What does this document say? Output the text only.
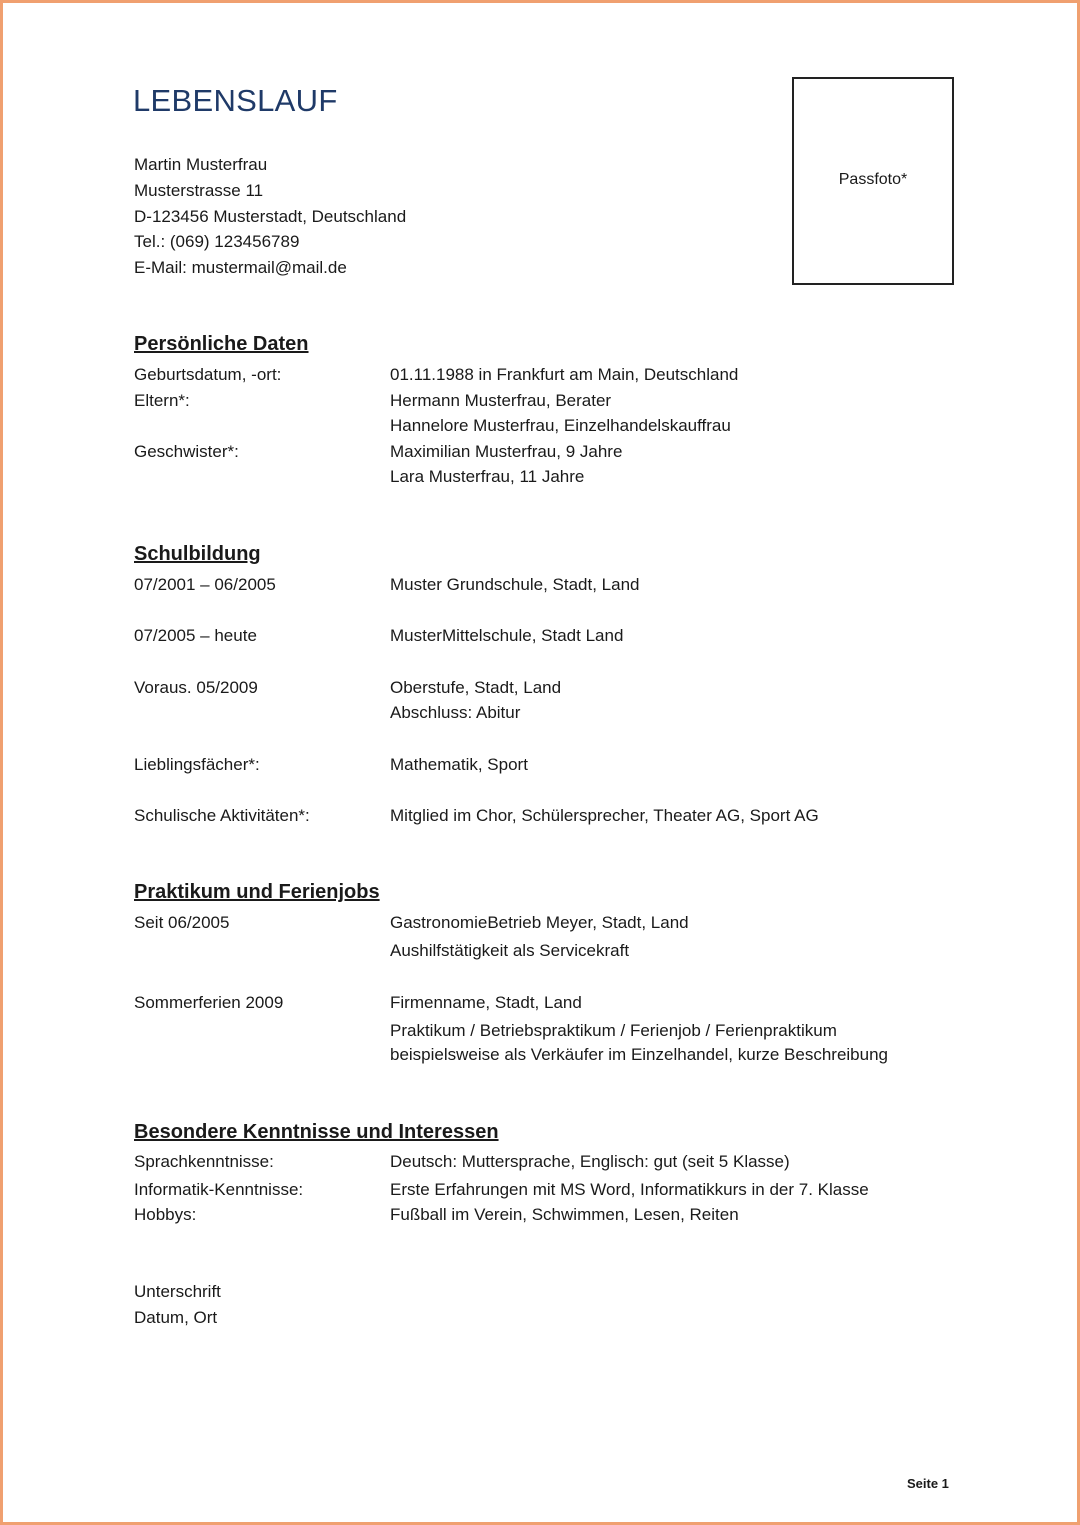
LEBENSLAUF
Martin Musterfrau
Musterstrasse 11
D-123456 Musterstadt, Deutschland
Tel.: (069) 123456789
E-Mail: mustermail@mail.de
Passfoto*
Persönliche Daten
Geburtsdatum, -ort:	01.11.1988 in Frankfurt am Main, Deutschland
Eltern*:	Hermann Musterfrau, Berater
Hannelore Musterfrau, Einzelhandelskauffrau
Geschwister*:	Maximilian Musterfrau, 9 Jahre
Lara Musterfrau, 11 Jahre
Schulbildung
07/2001 – 06/2005	Muster Grundschule, Stadt, Land
07/2005 – heute	MusterMittelschule, Stadt Land
Voraus. 05/2009	Oberstufe, Stadt, Land
Abschluss: Abitur
Lieblingsfächer*:	Mathematik, Sport
Schulische Aktivitäten*:	Mitglied im Chor, Schülersprecher, Theater AG, Sport AG
Praktikum und Ferienjobs
Seit 06/2005	GastronomieBetrieb Meyer, Stadt, Land
Aushilfstätigkeit als Servicekraft
Sommerferien 2009	Firmenname, Stadt, Land
Praktikum / Betriebspraktikum / Ferienjob / Ferienpraktikum
beispielsweise als Verkäufer im Einzelhandel, kurze Beschreibung
Besondere Kenntnisse und Interessen
Sprachkenntnisse:	Deutsch: Muttersprache, Englisch: gut (seit 5 Klasse)
Informatik-Kenntnisse:	Erste Erfahrungen mit MS Word, Informatikkurs in der 7. Klasse
Hobbys:	Fußball im Verein, Schwimmen, Lesen, Reiten
Unterschrift
Datum, Ort
Seite 1
